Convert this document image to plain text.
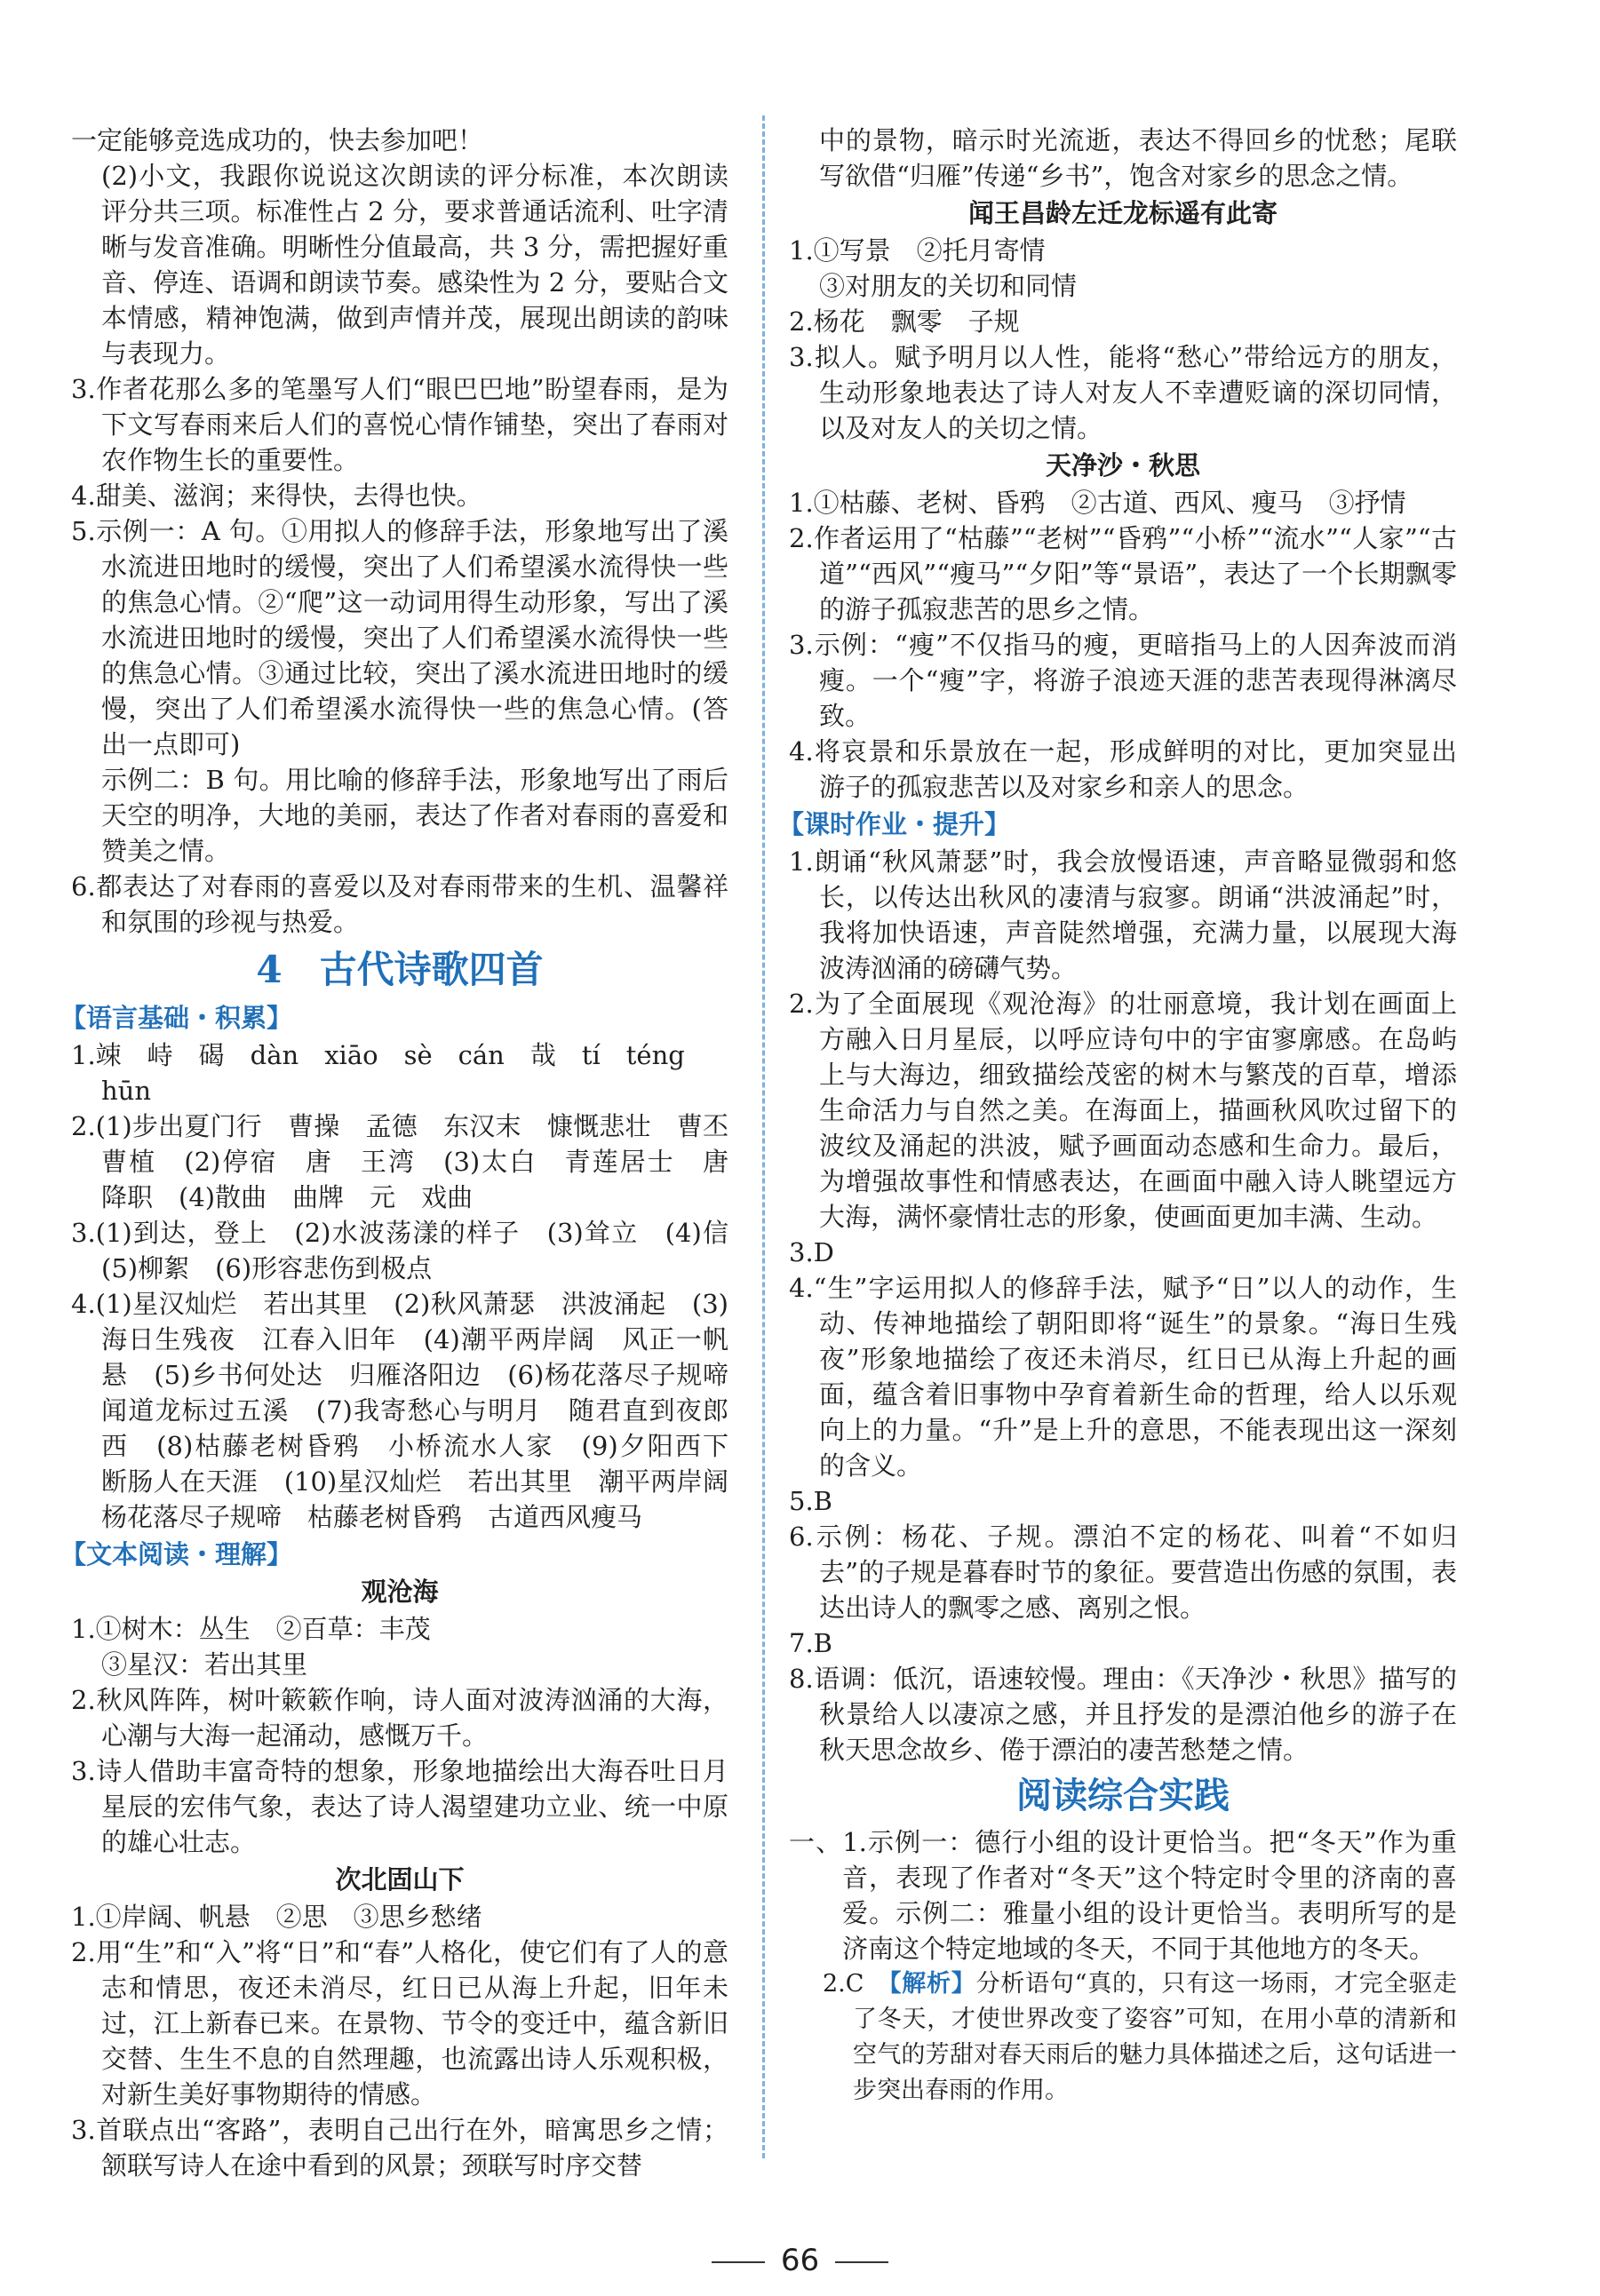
一定能够竞选成功的，快去参加吧！

(2)小文，我跟你说说这次朗读的评分标准，本次朗读评分共三项。标准性占 2 分，要求普通话流利、吐字清晰与发音准确。明晰性分值最高，共 3 分，需把握好重音、停连、语调和朗读节奏。感染性为 2 分，要贴合文本情感，精神饱满，做到声情并茂，展现出朗读的韵味与表现力。

3.作者花那么多的笔墨写人们“眼巴巴地”盼望春雨，是为下文写春雨来后人们的喜悦心情作铺垫，突出了春雨对农作物生长的重要性。

4.甜美、滋润；来得快，去得也快。

5.示例一：A 句。①用拟人的修辞手法，形象地写出了溪水流进田地时的缓慢，突出了人们希望溪水流得快一些的焦急心情。②“爬”这一动词用得生动形象，写出了溪水流进田地时的缓慢，突出了人们希望溪水流得快一些的焦急心情。③通过比较，突出了溪水流进田地时的缓慢，突出了人们希望溪水流得快一些的焦急心情。(答出一点即可)

示例二：B 句。用比喻的修辞手法，形象地写出了雨后天空的明净，大地的美丽，表达了作者对春雨的喜爱和赞美之情。

6.都表达了对春雨的喜爱以及对春雨带来的生机、温馨祥和氛围的珍视与热爱。

4　古代诗歌四首
【语言基础・积累】

1.竦　峙　碣　dàn　xiāo　sè　cán　哉　tí　téng

hūn

2.(1)步出夏门行　曹操　孟德　东汉末　慷慨悲壮　曹丕　曹植　(2)停宿　唐　王湾　(3)太白　青莲居士　唐　降职　(4)散曲　曲牌　元　戏曲

3.(1)到达，登上　(2)水波荡漾的样子　(3)耸立　(4)信　(5)柳絮　(6)形容悲伤到极点

4.(1)星汉灿烂　若出其里　(2)秋风萧瑟　洪波涌起　(3)海日生残夜　江春入旧年　(4)潮平两岸阔　风正一帆悬　(5)乡书何处达　归雁洛阳边　(6)杨花落尽子规啼　闻道龙标过五溪　(7)我寄愁心与明月　随君直到夜郎西　(8)枯藤老树昏鸦　小桥流水人家　(9)夕阳西下　断肠人在天涯　(10)星汉灿烂　若出其里　潮平两岸阔　杨花落尽子规啼　枯藤老树昏鸦　古道西风瘦马

【文本阅读・理解】
观沧海

1.①树木：丛生　②百草：丰茂

③星汉：若出其里

2.秋风阵阵，树叶簌簌作响，诗人面对波涛汹涌的大海，心潮与大海一起涌动，感慨万千。

3.诗人借助丰富奇特的想象，形象地描绘出大海吞吐日月星辰的宏伟气象，表达了诗人渴望建功立业、统一中原的雄心壮志。

次北固山下

1.①岸阔、帆悬　②思　③思乡愁绪

2.用“生”和“入”将“日”和“春”人格化，使它们有了人的意志和情思，夜还未消尽，红日已从海上升起，旧年未过，江上新春已来。在景物、节令的变迁中，蕴含新旧交替、生生不息的自然理趣，也流露出诗人乐观积极，对新生美好事物期待的情感。

3.首联点出“客路”，表明自己出行在外，暗寓思乡之情；颔联写诗人在途中看到的风景；颈联写时序交替

中的景物，暗示时光流逝，表达不得回乡的忧愁；尾联写欲借“归雁”传递“乡书”，饱含对家乡的思念之情。

闻王昌龄左迁龙标遥有此寄

1.①写景　②托月寄情

③对朋友的关切和同情

2.杨花　飘零　子规

3.拟人。赋予明月以人性，能将“愁心”带给远方的朋友，生动形象地表达了诗人对友人不幸遭贬谪的深切同情，以及对友人的关切之情。

天净沙・秋思

1.①枯藤、老树、昏鸦　②古道、西风、瘦马　③抒情

2.作者运用了“枯藤”“老树”“昏鸦”“小桥”“流水”“人家”“古道”“西风”“瘦马”“夕阳”等“景语”，表达了一个长期飘零的游子孤寂悲苦的思乡之情。

3.示例：“瘦”不仅指马的瘦，更暗指马上的人因奔波而消瘦。一个“瘦”字，将游子浪迹天涯的悲苦表现得淋漓尽致。

4.将哀景和乐景放在一起，形成鲜明的对比，更加突显出游子的孤寂悲苦以及对家乡和亲人的思念。

【课时作业・提升】

1.朗诵“秋风萧瑟”时，我会放慢语速，声音略显微弱和悠长，以传达出秋风的凄清与寂寥。朗诵“洪波涌起”时，我将加快语速，声音陡然增强，充满力量，以展现大海波涛汹涌的磅礴气势。

2.为了全面展现《观沧海》的壮丽意境，我计划在画面上方融入日月星辰，以呼应诗句中的宇宙寥廓感。在岛屿上与大海边，细致描绘茂密的树木与繁茂的百草，增添生命活力与自然之美。在海面上，描画秋风吹过留下的波纹及涌起的洪波，赋予画面动态感和生命力。最后，为增强故事性和情感表达，在画面中融入诗人眺望远方大海，满怀豪情壮志的形象，使画面更加丰满、生动。

3.D

4.“生”字运用拟人的修辞手法，赋予“日”以人的动作，生动、传神地描绘了朝阳即将“诞生”的景象。“海日生残夜”形象地描绘了夜还未消尽，红日已从海上升起的画面，蕴含着旧事物中孕育着新生命的哲理，给人以乐观向上的力量。“升”是上升的意思，不能表现出这一深刻的含义。

5.B

6.示例：杨花、子规。漂泊不定的杨花、叫着“不如归去”的子规是暮春时节的象征。要营造出伤感的氛围，表达出诗人的飘零之感、离别之恨。

7.B

8.语调：低沉，语速较慢。理由：《天净沙・秋思》描写的秋景给人以凄凉之感，并且抒发的是漂泊他乡的游子在秋天思念故乡、倦于漂泊的凄苦愁楚之情。

阅读综合实践

一、1.示例一：德行小组的设计更恰当。把“冬天”作为重音，表现了作者对“冬天”这个特定时令里的济南的喜爱。示例二：雅量小组的设计更恰当。表明所写的是济南这个特定地域的冬天，不同于其他地方的冬天。

2.C　【解析】分析语句“真的，只有这一场雨，才完全驱走了冬天，才使世界改变了姿容”可知，在用小草的清新和空气的芳甜对春天雨后的魅力具体描述之后，这句话进一步突出春雨的作用。

66
